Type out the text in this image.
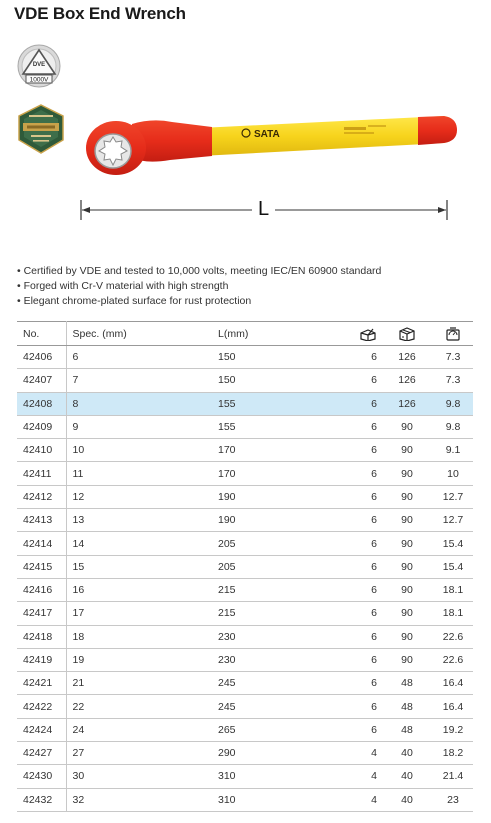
VDE Box End Wrench
DVE
1000V
SATA
L
• Certified by VDE and tested to 10,000 volts, meeting IEC/EN 60900 standard
• Forged with Cr-V material with high strength
• Elegant chrome-plated surface for rust protection
No.	Spec. (mm)	L(mm)			
42406	6	150	6	126	7.3
42407	7	150	6	126	7.3
42408	8	155	6	126	9.8
42409	9	155	6	90	9.8
42410	10	170	6	90	9.1
42411	11	170	6	90	10
42412	12	190	6	90	12.7
42413	13	190	6	90	12.7
42414	14	205	6	90	15.4
42415	15	205	6	90	15.4
42416	16	215	6	90	18.1
42417	17	215	6	90	18.1
42418	18	230	6	90	22.6
42419	19	230	6	90	22.6
42421	21	245	6	48	16.4
42422	22	245	6	48	16.4
42424	24	265	6	48	19.2
42427	27	290	4	40	18.2
42430	30	310	4	40	21.4
42432	32	310	4	40	23
